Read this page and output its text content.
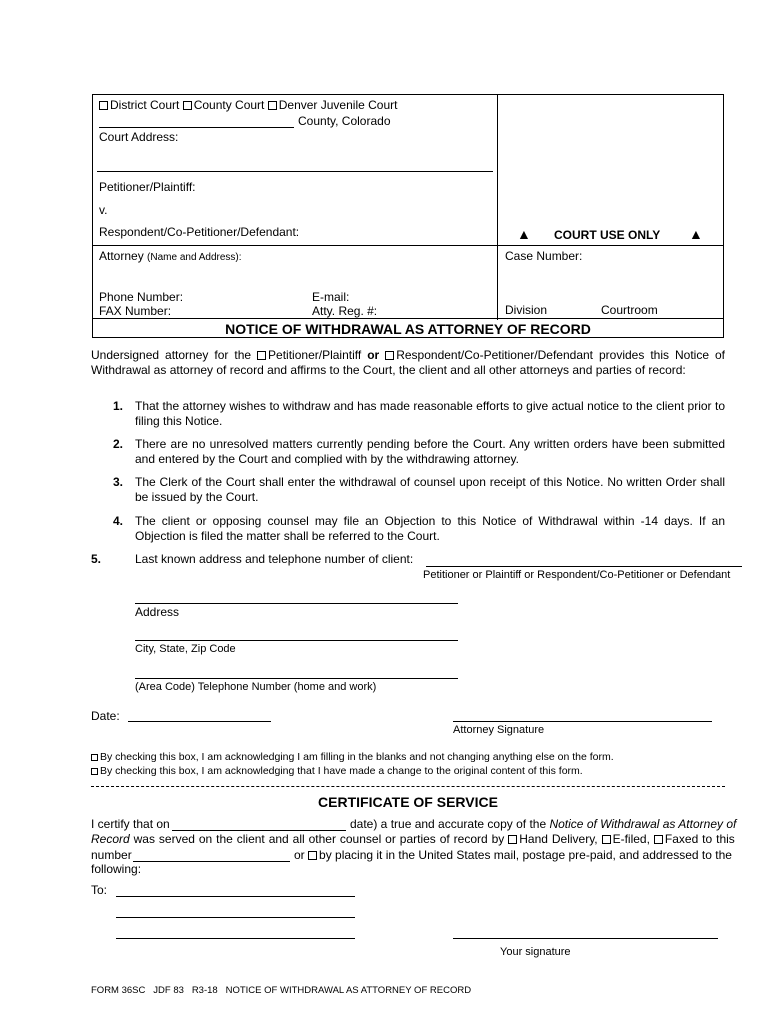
District Court County Court Denver Juvenile Court
County, Colorado
Court Address:
Petitioner/Plaintiff:
v.
Respondent/Co-Petitioner/Defendant:	▲ COURT USE ONLY ▲
Attorney (Name and Address):	Case Number:
Phone Number:	E-mail:
FAX Number:	Atty. Reg. #:	Division	Courtroom
NOTICE OF WITHDRAWAL AS ATTORNEY OF RECORD
Undersigned attorney for the Petitioner/Plaintiff or Respondent/Co-Petitioner/Defendant provides this Notice of Withdrawal as attorney of record and affirms to the Court, the client and all other attorneys and parties of record:
1. That the attorney wishes to withdraw and has made reasonable efforts to give actual notice to the client prior to filing this Notice.
2. There are no unresolved matters currently pending before the Court. Any written orders have been submitted and entered by the Court and complied with by the withdrawing attorney.
3. The Clerk of the Court shall enter the withdrawal of counsel upon receipt of this Notice. No written Order shall be issued by the Court.
4. The client or opposing counsel may file an Objection to this Notice of Withdrawal within -14 days. If an Objection is filed the matter shall be referred to the Court.
5.	Last known address and telephone number of client:
Petitioner or Plaintiff or Respondent/Co-Petitioner or Defendant
Address
City, State, Zip Code
(Area Code) Telephone Number (home and work)
Date:
Attorney Signature
By checking this box, I am acknowledging I am filling in the blanks and not changing anything else on the form.
By checking this box, I am acknowledging that I have made a change to the original content of this form.
CERTIFICATE OF SERVICE
I certify that on	date) a true and accurate copy of the Notice of Withdrawal as Attorney of
Record was served on the client and all other counsel or parties of record by Hand Delivery, E-filed, Faxed to this
number	or by placing it in the United States mail, postage pre-paid, and addressed to the
following:
To:
Your signature
FORM 36SC   JDF 83   R3-18   NOTICE OF WITHDRAWAL AS ATTORNEY OF RECORD
